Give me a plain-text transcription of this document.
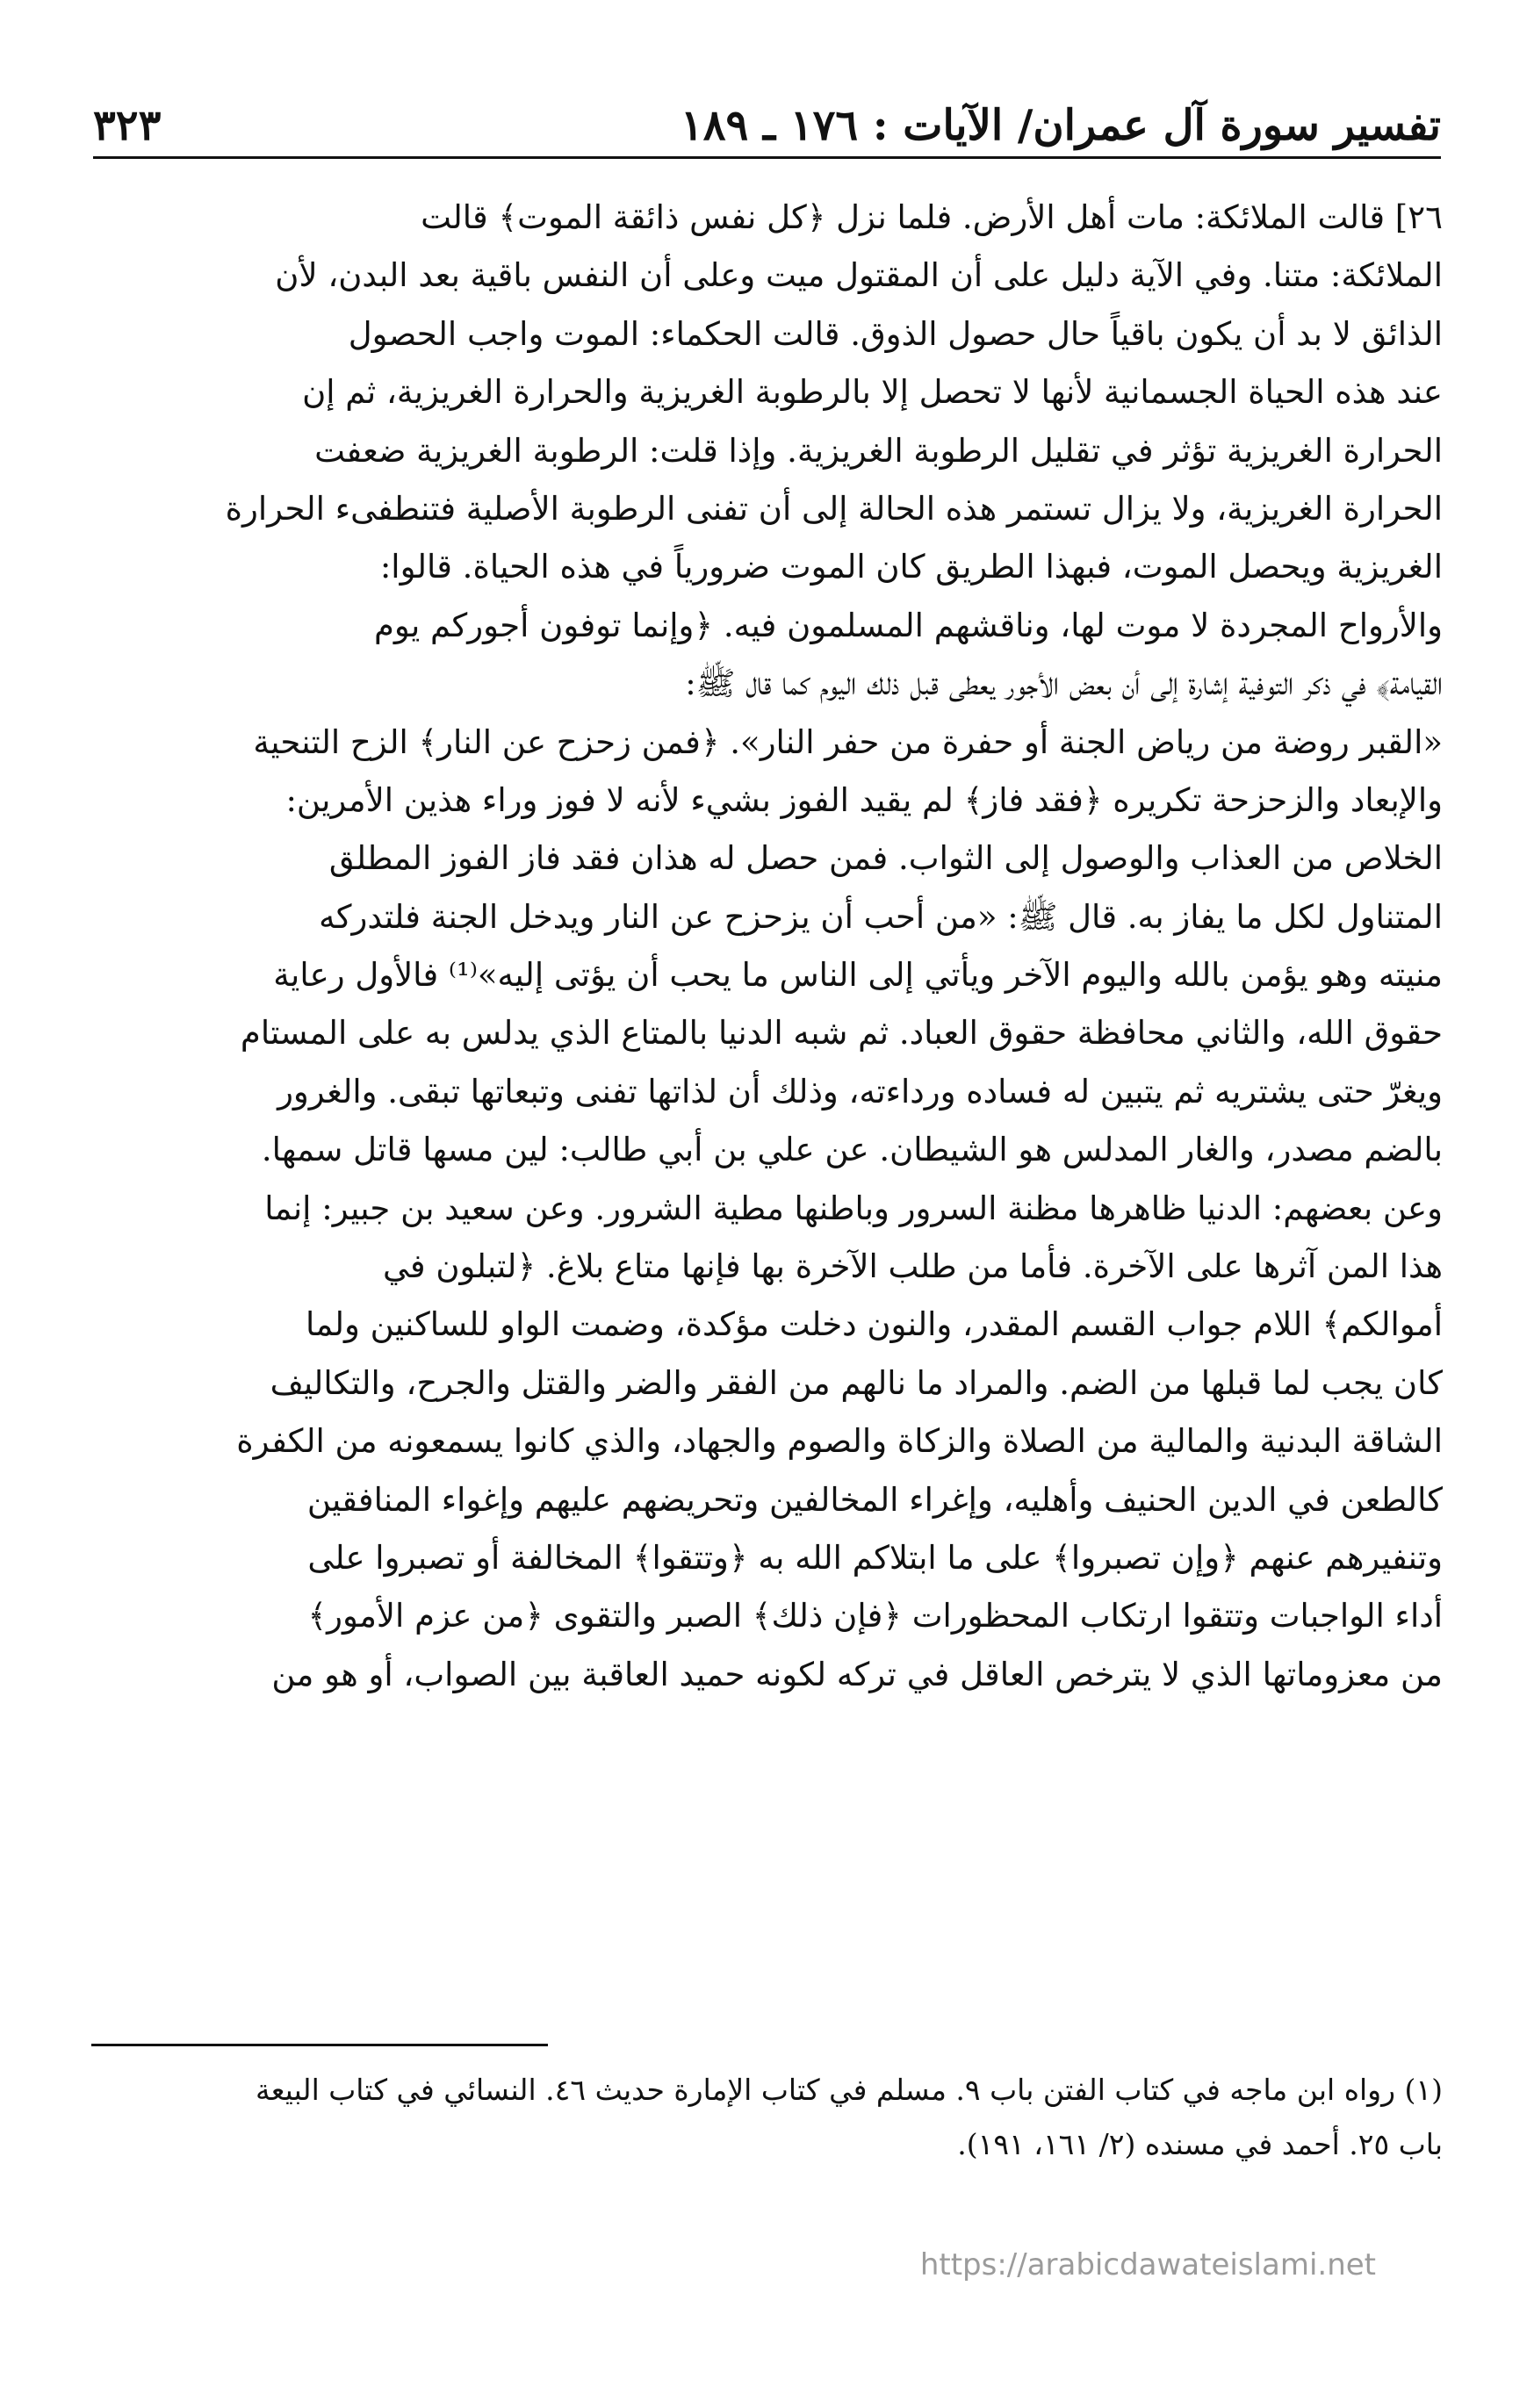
تفسير سورة آل عمران/ الآيات : ١٧٦ ـ ١٨٩
٣٢٣
٢٦] قالت الملائكة: مات أهل الأرض. فلما نزل ﴿كل نفس ذائقة الموت﴾ قالت
الملائكة: متنا. وفي الآية دليل على أن المقتول ميت وعلى أن النفس باقية بعد البدن، لأن
الذائق لا بد أن يكون باقياً حال حصول الذوق. قالت الحكماء: الموت واجب الحصول
عند هذه الحياة الجسمانية لأنها لا تحصل إلا بالرطوبة الغريزية والحرارة الغريزية، ثم إن
الحرارة الغريزية تؤثر في تقليل الرطوبة الغريزية. وإذا قلت: الرطوبة الغريزية ضعفت
الحرارة الغريزية، ولا يزال تستمر هذه الحالة إلى أن تفنى الرطوبة الأصلية فتنطفىء الحرارة
الغريزية ويحصل الموت، فبهذا الطريق كان الموت ضرورياً في هذه الحياة. قالوا:
والأرواح المجردة لا موت لها، وناقشهم المسلمون فيه. ﴿وإنما توفون أجوركم يوم
القيامة﴾ في ذكر التوفية إشارة إلى أن بعض الأجور يعطى قبل ذلك اليوم كما قال ﷺ:
«القبر روضة من رياض الجنة أو حفرة من حفر النار». ﴿فمن زحزح عن النار﴾ الزح التنحية
والإبعاد والزحزحة تكريره ﴿فقد فاز﴾ لم يقيد الفوز بشيء لأنه لا فوز وراء هذين الأمرين:
الخلاص من العذاب والوصول إلى الثواب. فمن حصل له هذان فقد فاز الفوز المطلق
المتناول لكل ما يفاز به. قال ﷺ: «من أحب أن يزحزح عن النار ويدخل الجنة فلتدركه
منيته وهو يؤمن بالله واليوم الآخر ويأتي إلى الناس ما يحب أن يؤتى إليه»⁽¹⁾ فالأول رعاية
حقوق الله، والثاني محافظة حقوق العباد. ثم شبه الدنيا بالمتاع الذي يدلس به على المستام
ويغرّ حتى يشتريه ثم يتبين له فساده ورداءته، وذلك أن لذاتها تفنى وتبعاتها تبقى. والغرور
بالضم مصدر، والغار المدلس هو الشيطان. عن علي بن أبي طالب: لين مسها قاتل سمها.
وعن بعضهم: الدنيا ظاهرها مظنة السرور وباطنها مطية الشرور. وعن سعيد بن جبير: إنما
هذا المن آثرها على الآخرة. فأما من طلب الآخرة بها فإنها متاع بلاغ. ﴿لتبلون في
أموالكم﴾ اللام جواب القسم المقدر، والنون دخلت مؤكدة، وضمت الواو للساكنين ولما
كان يجب لما قبلها من الضم. والمراد ما نالهم من الفقر والضر والقتل والجرح، والتكاليف
الشاقة البدنية والمالية من الصلاة والزكاة والصوم والجهاد، والذي كانوا يسمعونه من الكفرة
كالطعن في الدين الحنيف وأهليه، وإغراء المخالفين وتحريضهم عليهم وإغواء المنافقين
وتنفيرهم عنهم ﴿وإن تصبروا﴾ على ما ابتلاكم الله به ﴿وتتقوا﴾ المخالفة أو تصبروا على
أداء الواجبات وتتقوا ارتكاب المحظورات ﴿فإن ذلك﴾ الصبر والتقوى ﴿من عزم الأمور﴾
من معزوماتها الذي لا يترخص العاقل في تركه لكونه حميد العاقبة بين الصواب، أو هو من
(١) رواه ابن ماجه في كتاب الفتن باب ٩. مسلم في كتاب الإمارة حديث ٤٦. النسائي في كتاب البيعة
باب ٢٥. أحمد في مسنده (٢/ ١٦١، ١٩١).
https://arabicdawateislami.net
